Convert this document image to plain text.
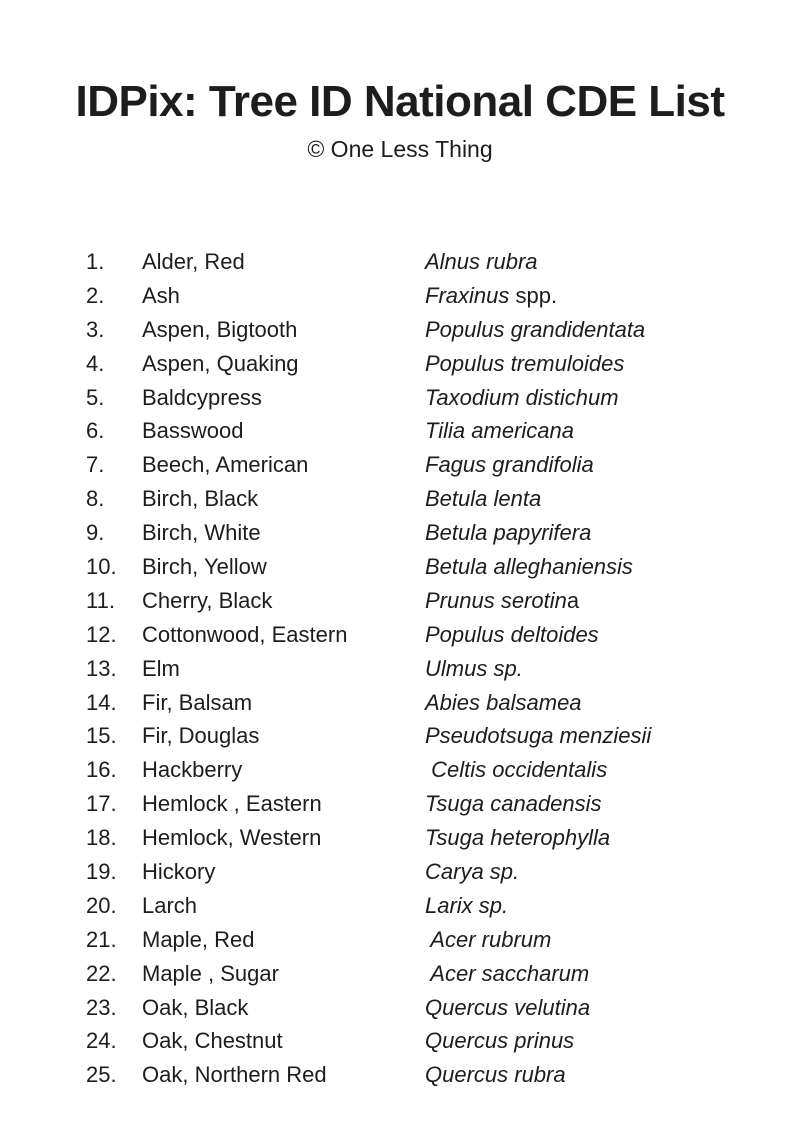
IDPix: Tree ID National CDE List
© One Less Thing
1.	Alder, Red	Alnus rubra
2.	Ash	Fraxinus spp.
3.	Aspen, Bigtooth	Populus grandidentata
4.	Aspen, Quaking	Populus tremuloides
5.	Baldcypress	Taxodium distichum
6.	Basswood	Tilia americana
7.	Beech, American	Fagus grandifolia
8.	Birch, Black	Betula lenta
9.	Birch, White	Betula papyrifera
10.	Birch, Yellow	Betula alleghaniensis
11.	Cherry, Black	Prunus serotina
12.	Cottonwood, Eastern	Populus deltoides
13.	Elm	Ulmus sp.
14.	Fir, Balsam	Abies balsamea
15.	Fir, Douglas	Pseudotsuga menziesii
16.	Hackberry	Celtis occidentalis
17.	Hemlock , Eastern	Tsuga canadensis
18.	Hemlock, Western	Tsuga heterophylla
19.	Hickory	Carya sp.
20.	Larch	Larix sp.
21.	Maple, Red	Acer rubrum
22.	Maple , Sugar	Acer saccharum
23.	Oak, Black	Quercus velutina
24.	Oak, Chestnut	Quercus prinus
25.	Oak, Northern Red	Quercus rubra
